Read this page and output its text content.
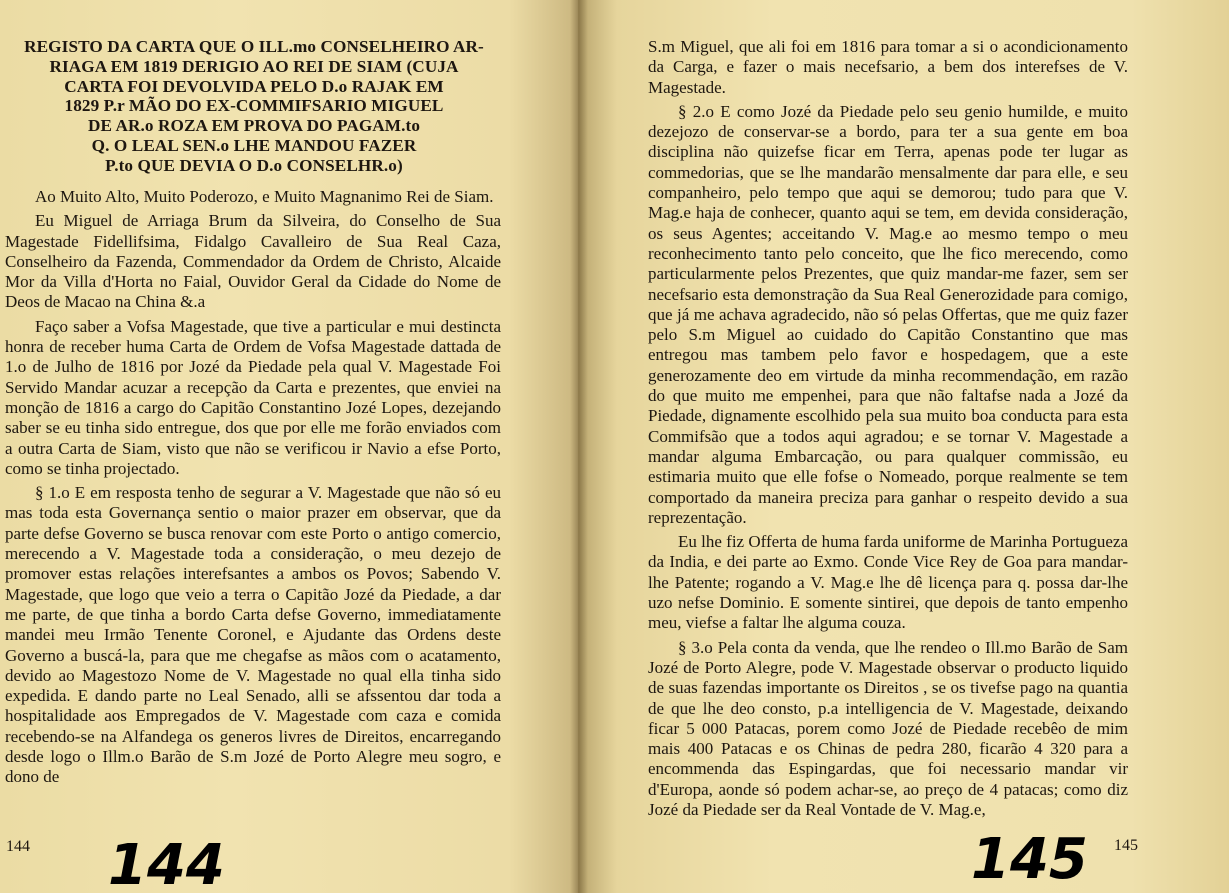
REGISTO DA CARTA QUE O ILL.mo CONSELHEIRO AR-
RIAGA EM 1819 DERIGIO AO REI DE SIAM (CUJA
CARTA FOI DEVOLVIDA PELO D.o RAJAK EM
1829 P.r MÃO DO EX-COMMIFSARIO MIGUEL
DE AR.o ROZA EM PROVA DO PAGAM.to
Q. O LEAL SEN.o LHE MANDOU FAZER
P.to QUE DEVIA O D.o CONSELHR.o)

Ao Muito Alto, Muito Poderozo, e Muito Magnanimo Rei de Siam.

Eu Miguel de Arriaga Brum da Silveira, do Conselho de Sua Magestade Fidellifsima, Fidalgo Cavalleiro de Sua Real Caza, Conselheiro da Fazenda, Commendador da Ordem de Christo, Alcaide Mor da Villa d'Horta no Faial, Ouvidor Geral da Cidade do Nome de Deos de Macao na China &.a

Faço saber a Vofsa Magestade, que tive a particular e mui destincta honra de receber huma Carta de Ordem de Vofsa Magestade dattada de 1.o de Julho de 1816 por Jozé da Piedade pela qual V. Magestade Foi Servido Mandar acuzar a recepção da Carta e prezentes, que enviei na monção de 1816 a cargo do Capitão Constantino Jozé Lopes, dezejando saber se eu tinha sido entregue, dos que por elle me forão enviados com a outra Carta de Siam, visto que não se verificou ir Navio a efse Porto, como se tinha projectado.

§ 1.o E em resposta tenho de segurar a V. Magestade que não só eu mas toda esta Governança sentio o maior prazer em observar, que da parte defse Governo se busca renovar com este Porto o antigo comercio, merecendo a V. Magestade toda a consideração, o meu dezejo de promover estas relações interefsantes a ambos os Povos; Sabendo V. Magestade, que logo que veio a terra o Capitão Jozé da Piedade, a dar me parte, de que tinha a bordo Carta defse Governo, immediatamente mandei meu Irmão Tenente Coronel, e Ajudante das Ordens deste Governo a buscá-la, para que me chegafse as mãos com o acatamento, devido ao Magestozo Nome de V. Magestade no qual ella tinha sido expedida. E dando parte no Leal Senado, alli se afssentou dar toda a hospitalidade aos Empregados de V. Magestade com caza e comida recebendo-se na Alfandega os generos livres de Direitos, encarregando desde logo o Illm.o Barão de S.m Jozé de Porto Alegre meu sogro, e dono de

144 144

S.m Miguel, que ali foi em 1816 para tomar a si o acondicionamento da Carga, e fazer o mais necefsario, a bem dos interefses de V. Magestade.

§ 2.o E como Jozé da Piedade pelo seu genio humilde, e muito dezejozo de conservar-se a bordo, para ter a sua gente em boa disciplina não quizefse ficar em Terra, apenas pode ter lugar as commedorias, que se lhe mandarão mensalmente dar para elle, e seu companheiro, pelo tempo que aqui se demorou; tudo para que V. Mag.e haja de conhecer, quanto aqui se tem, em devida consideração, os seus Agentes; acceitando V. Mag.e ao mesmo tempo o meu reconhecimento tanto pelo conceito, que lhe fico merecendo, como particularmente pelos Prezentes, que quiz mandar-me fazer, sem ser necefsario esta demonstração da Sua Real Generozidade para comigo, que já me achava agradecido, não só pelas Offertas, que me quiz fazer pelo S.m Miguel ao cuidado do Capitão Constantino que mas entregou mas tambem pelo favor e hospedagem, que a este generozamente deo em virtude da minha recommendação, em razão do que muito me empenhei, para que não faltafse nada a Jozé da Piedade, dignamente escolhido pela sua muito boa conducta para esta Commifsão que a todos aqui agradou; e se tornar V. Magestade a mandar alguma Embarcação, ou para qualquer commissão, eu estimaria muito que elle fofse o Nomeado, porque realmente se tem comportado da maneira preciza para ganhar o respeito devido a sua reprezentação.

Eu lhe fiz Offerta de huma farda uniforme de Marinha Portugueza da India, e dei parte ao Exmo. Conde Vice Rey de Goa para mandar-lhe Patente; rogando a V. Mag.e lhe dê licença para q. possa dar-lhe uzo nefse Dominio. E somente sintirei, que depois de tanto empenho meu, viefse a faltar lhe alguma couza.

§ 3.o Pela conta da venda, que lhe rendeo o Ill.mo Barão de Sam Jozé de Porto Alegre, pode V. Magestade observar o producto liquido de suas fazendas importante os Direitos , se os tivefse pago na quantia de que lhe deo consto, p.a intelligencia de V. Magestade, deixando ficar 5 000 Patacas, porem como Jozé de Piedade recebêo de mim mais 400 Patacas e os Chinas de pedra 280, ficarão 4 320 para a encommenda das Espingardas, que foi necessario mandar vir d'Europa, aonde só podem achar-se, ao preço de 4 patacas; como diz Jozé da Piedade ser da Real Vontade de V. Mag.e,

145 145
